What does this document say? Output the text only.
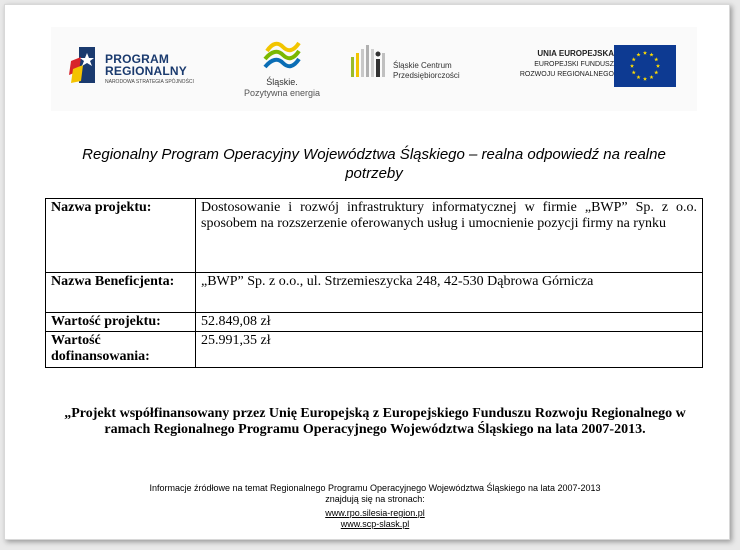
PROGRAM
REGIONALNY
NARODOWA STRATEGIA SPÓJNOŚCI	Śląskie.
Pozytywna energia
Śląskie Centrum
Przedsiębiorczości
UNIA EUROPEJSKA
EUROPEJSKI FUNDUSZ
ROZWOJU REGIONALNEGO
Regionalny Program Operacyjny Województwa Śląskiego – realna odpowiedź na realne potrzeby
Nazwa projektu:	Dostosowanie i rozwój infrastruktury informatycznej w firmie „BWP” Sp. z o.o. sposobem na rozszerzenie oferowanych usług i umocnienie pozycji firmy na rynku
Nazwa Beneficjenta:	„BWP” Sp. z o.o., ul. Strzemieszycka 248, 42-530 Dąbrowa Górnicza
Wartość projektu:	52.849,08 zł
Wartość dofinansowania:	25.991,35 zł
„Projekt współfinansowany przez Unię Europejską z Europejskiego Funduszu Rozwoju Regionalnego w ramach Regionalnego Programu Operacyjnego Województwa Śląskiego na lata 2007-2013.
Informacje źródłowe na temat Regionalnego Programu Operacyjnego Województwa Śląskiego na lata 2007-2013
znajdują się na stronach:
www.rpo.silesia-region.pl
www.scp-slask.pl
